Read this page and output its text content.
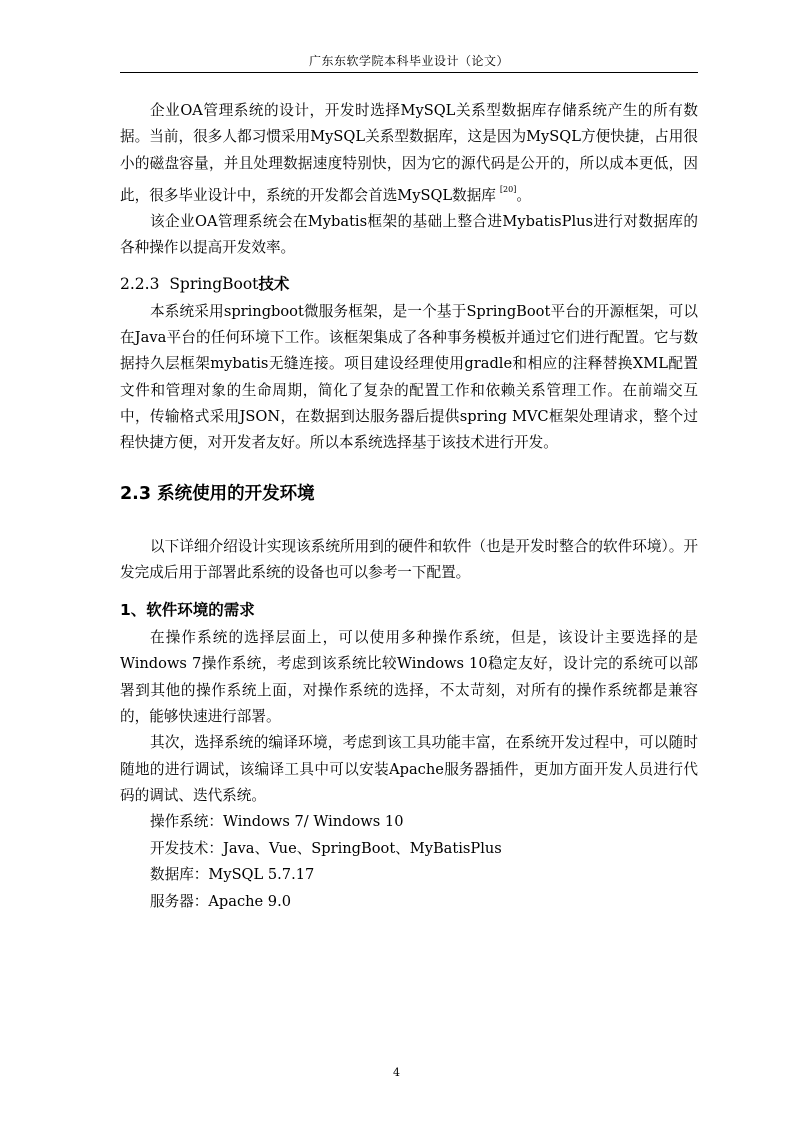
广东东软学院本科毕业设计（论文）

企业OA管理系统的设计，开发时选择MySQL关系型数据库存储系统产生的所有数据。当前，很多人都习惯采用MySQL关系型数据库，这是因为MySQL方便快捷，占用很小的磁盘容量，并且处理数据速度特别快，因为它的源代码是公开的，所以成本更低，因此，很多毕业设计中，系统的开发都会首选MySQL数据库 [20]。

该企业OA管理系统会在Mybatis框架的基础上整合进MybatisPlus进行对数据库的各种操作以提高开发效率。

2.2.3 SpringBoot技术

本系统采用springboot微服务框架，是一个基于SpringBoot平台的开源框架，可以在Java平台的任何环境下工作。该框架集成了各种事务模板并通过它们进行配置。它与数据持久层框架mybatis无缝连接。项目建设经理使用gradle和相应的注释替换XML配置文件和管理对象的生命周期，简化了复杂的配置工作和依赖关系管理工作。在前端交互中，传输格式采用JSON，在数据到达服务器后提供spring MVC框架处理请求，整个过程快捷方便，对开发者友好。所以本系统选择基于该技术进行开发。

2.3 系统使用的开发环境

以下详细介绍设计实现该系统所用到的硬件和软件（也是开发时整合的软件环境）。开发完成后用于部署此系统的设备也可以参考一下配置。

1、软件环境的需求

在操作系统的选择层面上，可以使用多种操作系统，但是，该设计主要选择的是Windows 7操作系统，考虑到该系统比较Windows 10稳定友好，设计完的系统可以部署到其他的操作系统上面，对操作系统的选择，不太苛刻，对所有的操作系统都是兼容的，能够快速进行部署。

其次，选择系统的编译环境，考虑到该工具功能丰富，在系统开发过程中，可以随时随地的进行调试，该编译工具中可以安装Apache服务器插件，更加方面开发人员进行代码的调试、迭代系统。

操作系统：Windows 7/ Windows 10

开发技术：Java、Vue、SpringBoot、MyBatisPlus

数据库：MySQL 5.7.17

服务器：Apache 9.0

4
